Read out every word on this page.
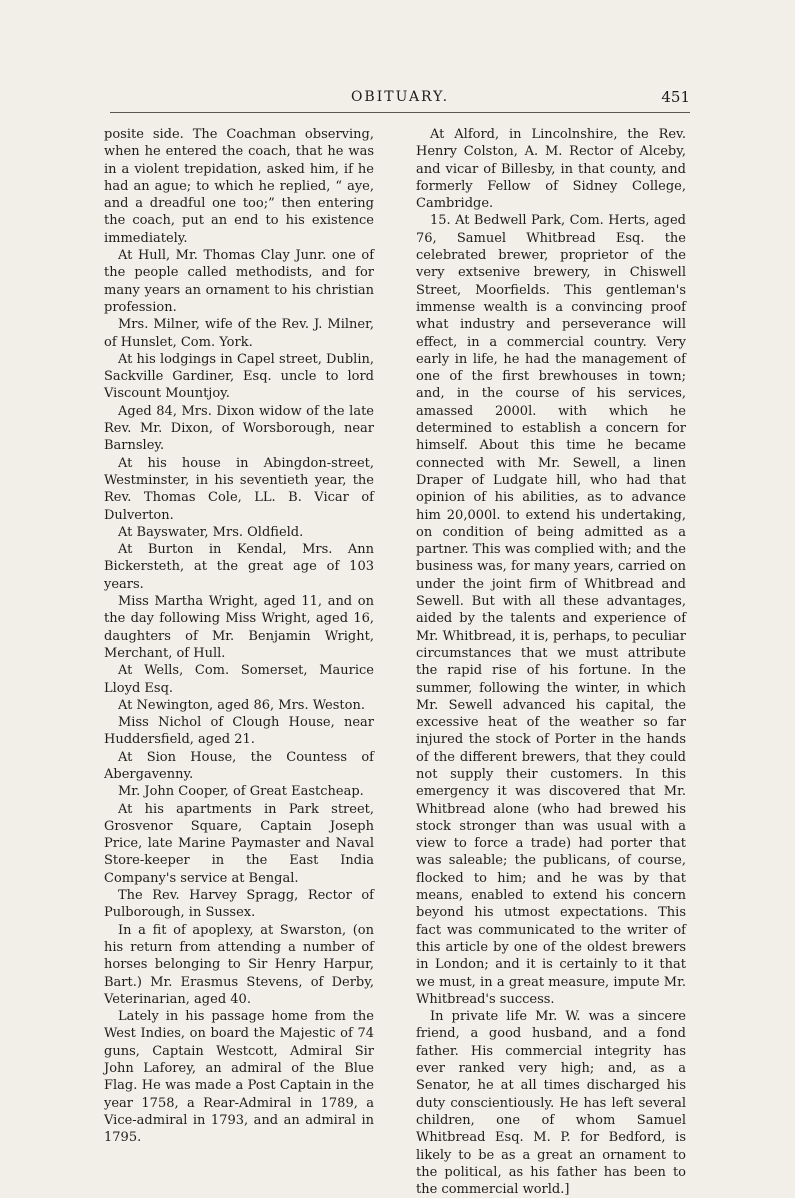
OBITUARY.	451

posite side. The Coachman observing, when he entered the coach, that he was in a violent trepidation, asked him, if he had an ague; to which he replied, “ aye, and a dreadful one too;” then entering the coach, put an end to his existence immediately.

At Hull, Mr. Thomas Clay Junr. one of the people called methodists, and for many years an ornament to his christian profession.

Mrs. Milner, wife of the Rev. J. Milner, of Hunslet, Com. York.

At his lodgings in Capel street, Dublin, Sackville Gardiner, Esq. uncle to lord Viscount Mountjoy.

Aged 84, Mrs. Dixon widow of the late Rev. Mr. Dixon, of Worsborough, near Barnsley.

At his house in Abingdon-street, Westminster, in his seventieth year, the Rev. Thomas Cole, LL. B. Vicar of Dulverton.

At Bayswater, Mrs. Oldfield.

At Burton in Kendal, Mrs. Ann Bickersteth, at the great age of 103 years.

Miss Martha Wright, aged 11, and on the day following Miss Wright, aged 16, daughters of Mr. Benjamin Wright, Merchant, of Hull.

At Wells, Com. Somerset, Maurice Lloyd Esq.

At Newington, aged 86, Mrs. Weston.

Miss Nichol of Clough House, near Huddersfield, aged 21.

At Sion House, the Countess of Abergavenny.

Mr. John Cooper, of Great Eastcheap.

At his apartments in Park street, Grosvenor Square, Captain Joseph Price, late Marine Paymaster and Naval Store-keeper in the East India Company's service at Bengal.

The Rev. Harvey Spragg, Rector of Pulborough, in Sussex.

In a fit of apoplexy, at Swarston, (on his return from attending a number of horses belonging to Sir Henry Harpur, Bart.) Mr. Erasmus Stevens, of Derby, Veterinarian, aged 40.

Lately in his passage home from the West Indies, on board the Majestic of 74 guns, Captain Westcott, Admiral Sir John Laforey, an admiral of the Blue Flag. He was made a Post Captain in the year 1758, a Rear-Admiral in 1789, a Vice-admiral in 1793, and an admiral in 1795.

At Alford, in Lincolnshire, the Rev. Henry Colston, A. M. Rector of Alceby, and vicar of Billesby, in that county, and formerly Fellow of Sidney College, Cambridge.

15. At Bedwell Park, Com. Herts, aged 76, Samuel Whitbread Esq. the celebrated brewer, proprietor of the very extsenive brewery, in Chiswell Street, Moorfields. This gentleman's immense wealth is a convincing proof what industry and perseverance will effect, in a commercial country. Very early in life, he had the management of one of the first brewhouses in town; and, in the course of his services, amassed 2000l. with which he determined to establish a concern for himself. About this time he became connected with Mr. Sewell, a linen Draper of Ludgate hill, who had that opinion of his abilities, as to advance him 20,000l. to extend his undertaking, on condition of being admitted as a partner. This was complied with; and the business was, for many years, carried on under the joint firm of Whitbread and Sewell. But with all these advantages, aided by the talents and experience of Mr. Whitbread, it is, perhaps, to peculiar circumstances that we must attribute the rapid rise of his fortune. In the summer, following the winter, in which Mr. Sewell advanced his capital, the excessive heat of the weather so far injured the stock of Porter in the hands of the different brewers, that they could not supply their customers. In this emergency it was discovered that Mr. Whitbread alone (who had brewed his stock stronger than was usual with a view to force a trade) had porter that was saleable; the publicans, of course, flocked to him; and he was by that means, enabled to extend his concern beyond his utmost expectations. This fact was communicated to the writer of this article by one of the oldest brewers in London; and it is certainly to it that we must, in a great measure, impute Mr. Whitbread's success.

In private life Mr. W. was a sincere friend, a good husband, and a fond father. His commercial integrity has ever ranked very high; and, as a Senator, he at all times discharged his duty conscientiously. He has left several children, one of whom Samuel Whitbread Esq. M. P. for Bedford, is likely to be as a great an ornament to the political, as his father has been to the commercial world.]
